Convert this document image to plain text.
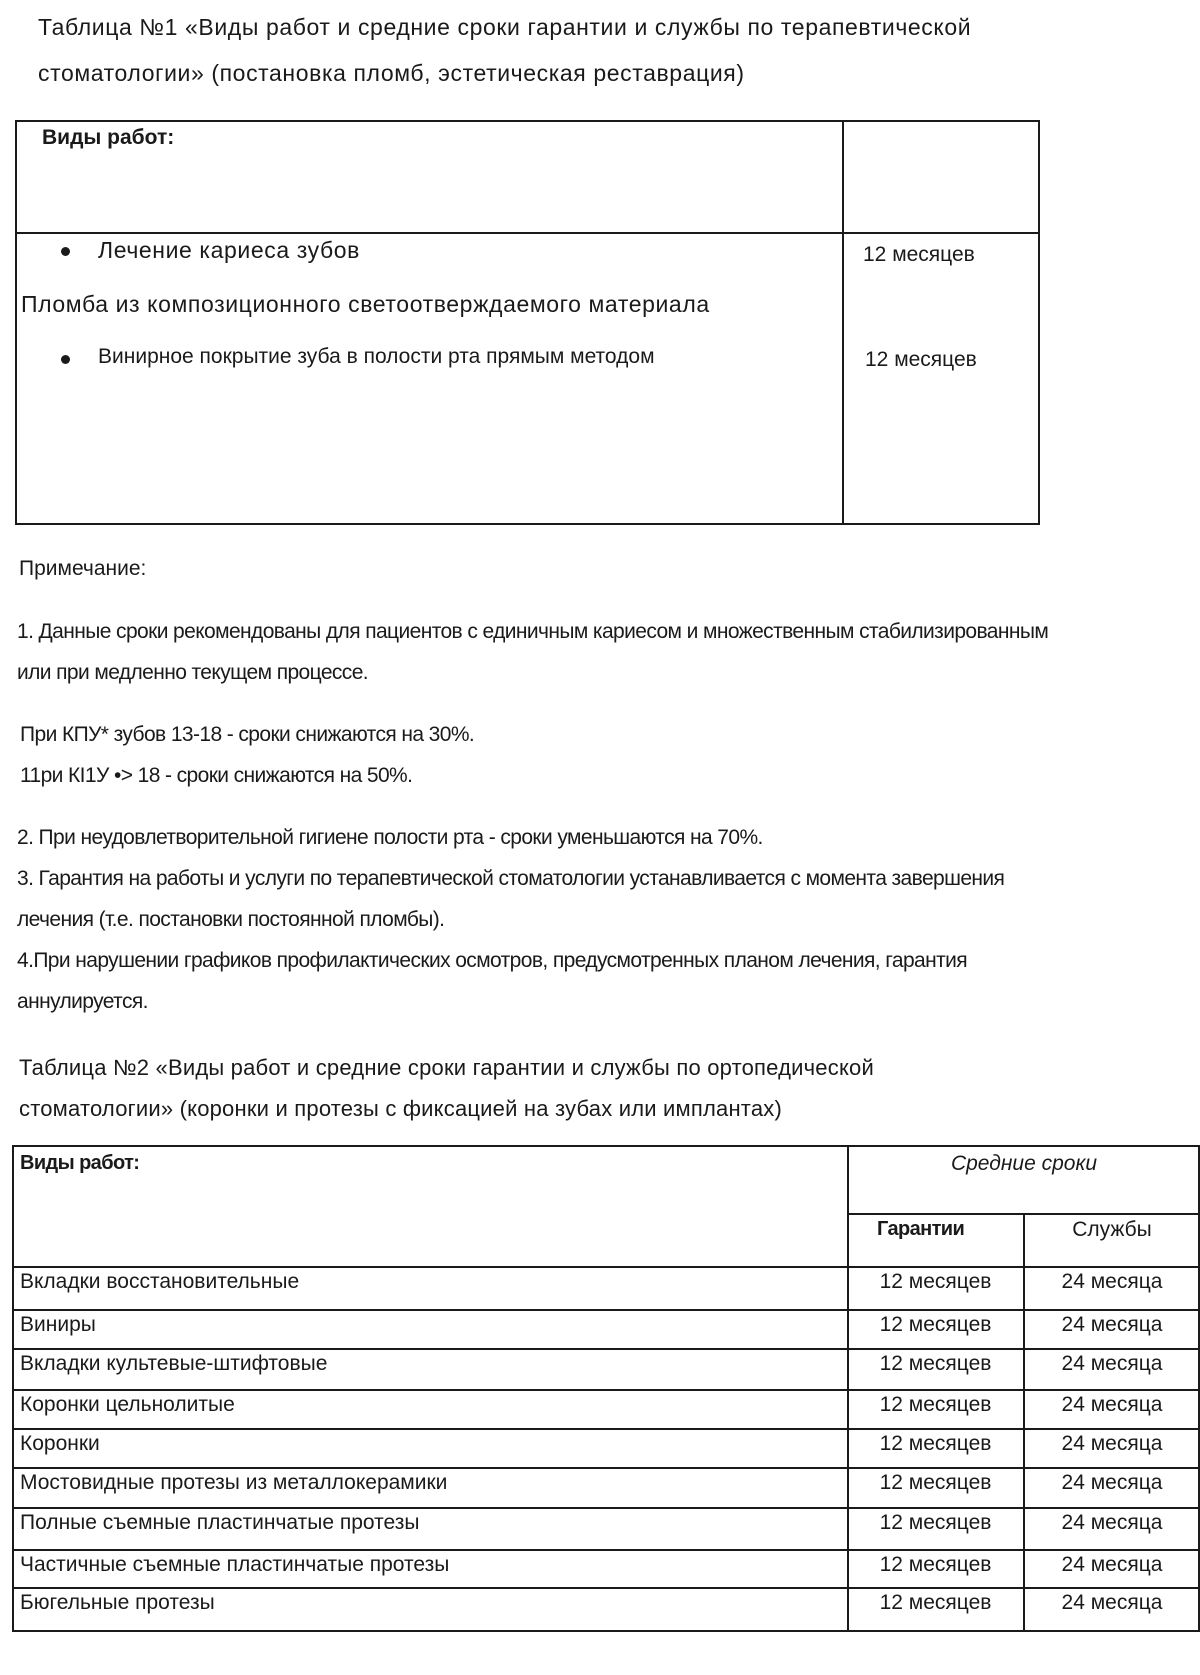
Таблица №1 «Виды работ и средние сроки гарантии и службы по терапевтической
стоматологии» (постановка пломб, эстетическая реставрация)
Виды работ:
Лечение кариеса зубов	12 месяцев
Пломба из композиционного светоотверждаемого материала
Винирное покрытие зуба в полости рта прямым методом	12 месяцев
Примечание:
1. Данные сроки рекомендованы для пациентов с единичным кариесом и множественным стабилизированным
или при медленно текущем процессе.
При КПУ* зубов 13-18 - сроки снижаются на 30%.
11ри КI1У •> 18 - сроки снижаются на 50%.
2. При неудовлетворительной гигиене полости рта - сроки уменьшаются на 70%.
3. Гарантия на работы и услуги по терапевтической стоматологии устанавливается с момента завершения
лечения (т.е. постановки постоянной пломбы).
4.При нарушении графиков профилактических осмотров, предусмотренных планом лечения, гарантия
аннулируется.
Таблица №2 «Виды работ и средние сроки гарантии и службы по ортопедической
стоматологии» (коронки и протезы с фиксацией на зубах или имплантах)
Виды работ:	Средние сроки
Гарантии	Службы
Вкладки восстановительные	12 месяцев	24 месяца
Виниры	12 месяцев	24 месяца
Вкладки культевые-штифтовые	12 месяцев	24 месяца
Коронки цельнолитые	12 месяцев	24 месяца
Коронки	12 месяцев	24 месяца
Мостовидные протезы из металлокерамики	12 месяцев	24 месяца
Полные съемные пластинчатые протезы	12 месяцев	24 месяца
Частичные съемные пластинчатые протезы	12 месяцев	24 месяца
Бюгельные протезы	12 месяцев	24 месяца
